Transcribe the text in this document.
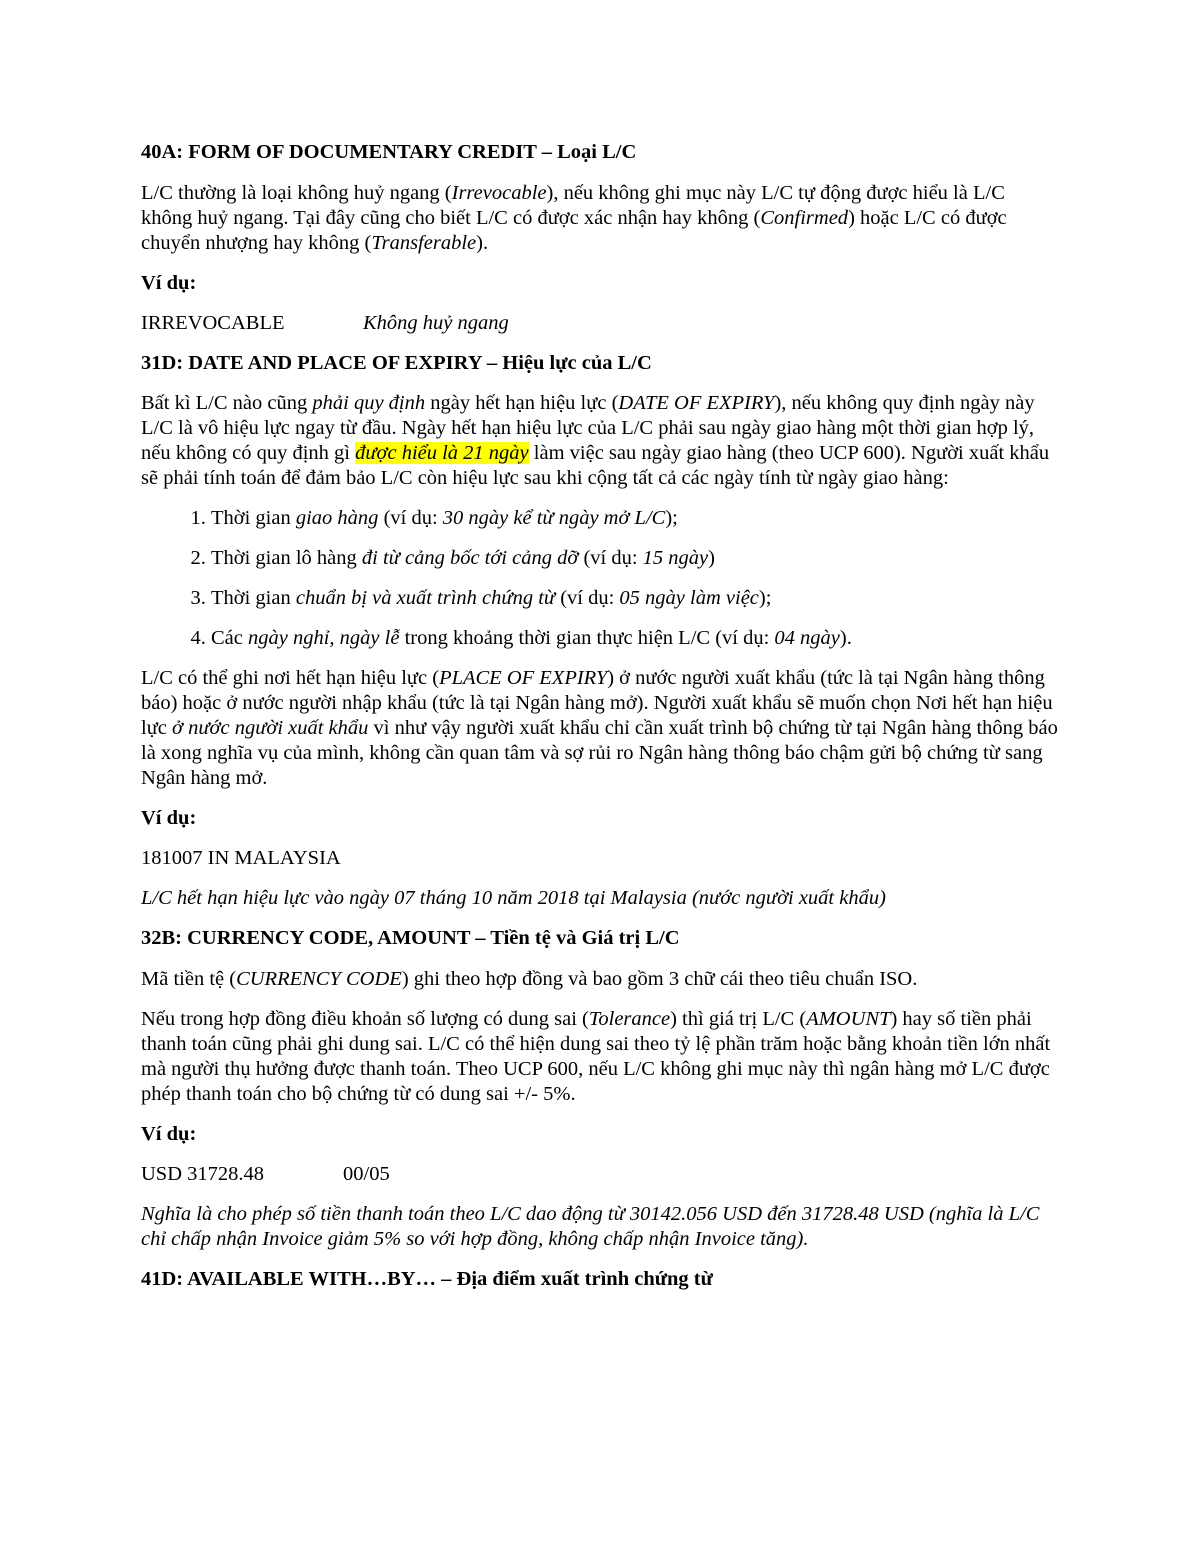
40A: FORM OF DOCUMENTARY CREDIT – Loại L/C

L/C thường là loại không huỷ ngang (Irrevocable), nếu không ghi mục này L/C tự động được hiểu là L/C không huỷ ngang. Tại đây cũng cho biết L/C có được xác nhận hay không (Confirmed) hoặc L/C có được chuyển nhượng hay không (Transferable).

Ví dụ:
IRREVOCABLE	Không huỷ ngang
31D: DATE AND PLACE OF EXPIRY – Hiệu lực của L/C

Bất kì L/C nào cũng phải quy định ngày hết hạn hiệu lực (DATE OF EXPIRY), nếu không quy định ngày này L/C là vô hiệu lực ngay từ đầu. Ngày hết hạn hiệu lực của L/C phải sau ngày giao hàng một thời gian hợp lý, nếu không có quy định gì được hiểu là 21 ngày làm việc sau ngày giao hàng (theo UCP 600). Người xuất khẩu sẽ phải tính toán để đảm bảo L/C còn hiệu lực sau khi cộng tất cả các ngày tính từ ngày giao hàng:

1. Thời gian giao hàng (ví dụ: 30 ngày kể từ ngày mở L/C);
2. Thời gian lô hàng đi từ cảng bốc tới cảng dỡ (ví dụ: 15 ngày)
3. Thời gian chuẩn bị và xuất trình chứng từ (ví dụ: 05 ngày làm việc);
4. Các ngày nghỉ, ngày lễ trong khoảng thời gian thực hiện L/C (ví dụ: 04 ngày).

L/C có thể ghi nơi hết hạn hiệu lực (PLACE OF EXPIRY) ở nước người xuất khẩu (tức là tại Ngân hàng thông báo) hoặc ở nước người nhập khẩu (tức là tại Ngân hàng mở). Người xuất khẩu sẽ muốn chọn Nơi hết hạn hiệu lực ở nước người xuất khẩu vì như vậy người xuất khẩu chỉ cần xuất trình bộ chứng từ tại Ngân hàng thông báo là xong nghĩa vụ của mình, không cần quan tâm và sợ rủi ro Ngân hàng thông báo chậm gửi bộ chứng từ sang Ngân hàng mở.

Ví dụ:

181007 IN MALAYSIA

L/C hết hạn hiệu lực vào ngày 07 tháng 10 năm 2018 tại Malaysia (nước người xuất khẩu)

32B: CURRENCY CODE, AMOUNT – Tiền tệ và Giá trị L/C

Mã tiền tệ (CURRENCY CODE) ghi theo hợp đồng và bao gồm 3 chữ cái theo tiêu chuẩn ISO.

Nếu trong hợp đồng điều khoản số lượng có dung sai (Tolerance) thì giá trị L/C (AMOUNT) hay số tiền phải thanh toán cũng phải ghi dung sai. L/C có thể hiện dung sai theo tỷ lệ phần trăm hoặc bằng khoản tiền lớn nhất mà người thụ hưởng được thanh toán. Theo UCP 600, nếu L/C không ghi mục này thì ngân hàng mở L/C được phép thanh toán cho bộ chứng từ có dung sai +/- 5%.

Ví dụ:
USD 31728.48	00/05

Nghĩa là cho phép số tiền thanh toán theo L/C dao động từ 30142.056 USD đến 31728.48 USD (nghĩa là L/C chỉ chấp nhận Invoice giảm 5% so với hợp đồng, không chấp nhận Invoice tăng).

41D: AVAILABLE WITH…BY… – Địa điểm xuất trình chứng từ
